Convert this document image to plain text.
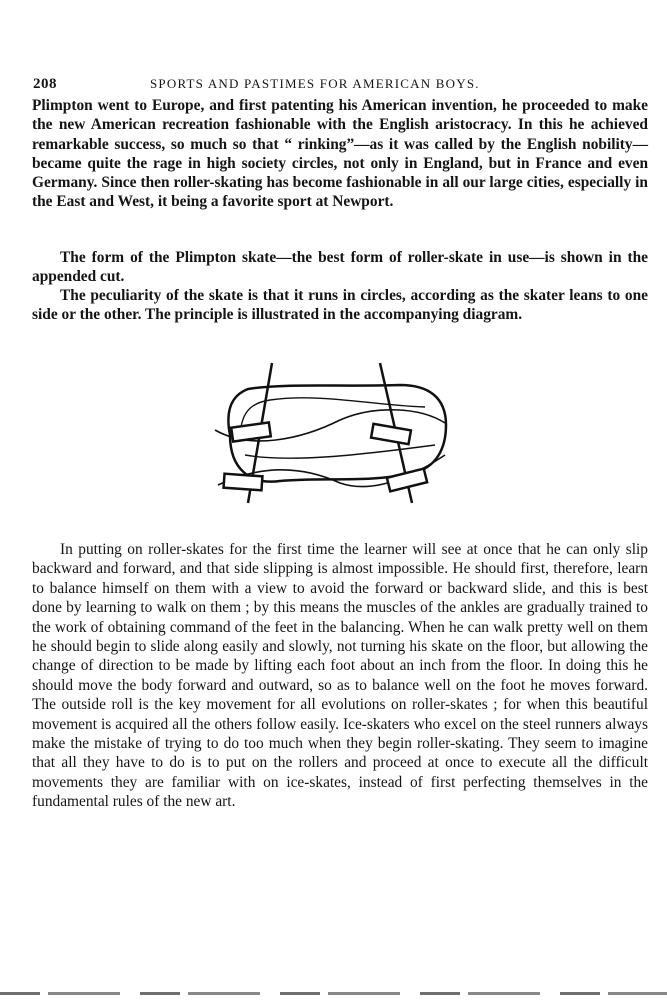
208	SPORTS AND PASTIMES FOR AMERICAN BOYS.

Plimpton went to Europe, and first patenting his American invention, he proceeded to make the new American recreation fashionable with the English aristocracy. In this he achieved remarkable success, so much so that “ rinking”—as it was called by the English nobility—became quite the rage in high society circles, not only in England, but in France and even Germany. Since then roller-skating has become fashionable in all our large cities, especially in the East and West, it being a favorite sport at Newport.

The form of the Plimpton skate—the best form of roller-skate in use—is shown in the appended cut.

The peculiarity of the skate is that it runs in circles, according as the skater leans to one side or the other. The principle is illustrated in the accompanying diagram.

In putting on roller-skates for the first time the learner will see at once that he can only slip backward and forward, and that side slipping is almost impossible. He should first, therefore, learn to balance himself on them with a view to avoid the forward or backward slide, and this is best done by learning to walk on them ; by this means the muscles of the ankles are gradually trained to the work of obtaining command of the feet in the balancing. When he can walk pretty well on them he should begin to slide along easily and slowly, not turning his skate on the floor, but allowing the change of direction to be made by lifting each foot about an inch from the floor. In doing this he should move the body forward and outward, so as to balance well on the foot he moves forward. The outside roll is the key movement for all evolutions on roller-skates ; for when this beautiful movement is acquired all the others follow easily. Ice-skaters who excel on the steel runners always make the mistake of trying to do too much when they begin roller-skating. They seem to imagine that all they have to do is to put on the rollers and proceed at once to execute all the difficult movements they are familiar with on ice-skates, instead of first perfecting themselves in the fundamental rules of the new art.
